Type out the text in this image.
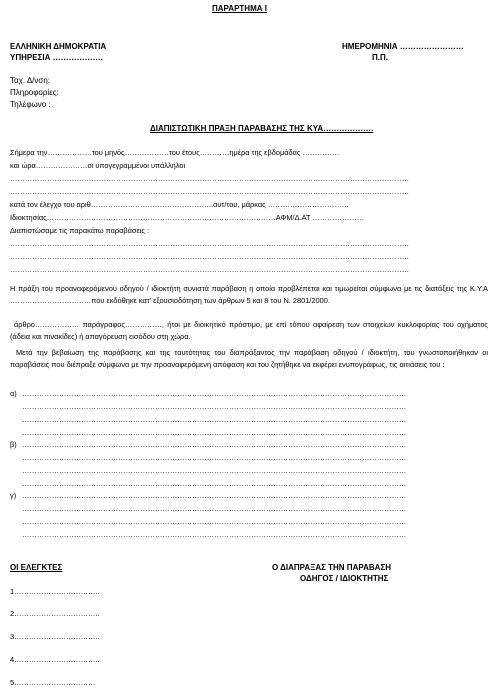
ΠΑΡΑΡΤΗΜΑ Ι
ΕΛΛΗΝΙΚΗ ΔΗΜΟΚΡΑΤΙΑ
ΥΠΗΡΕΣΙΑ ……………….
ΗΜΕΡΟΜΗΝΙΑ ……………………
Π.Π.
Ταχ. Δ/νση:
Πληροφορίες:
Τηλέφωνο :
ΔΙΑΠΙΣΤΩΤΙΚΗ ΠΡΑΞΗ ΠΑΡΑΒΑΣΗΣ ΤΗΣ ΚΥΑ……………….
Σήμερα την………………του μηνός………………του έτους…………ημέρα της εβδομάδας ……………
και ώρα…………………οι υπογεγραμμένοι υπάλληλοι
………………………………………………………………………………………………………………………………………………
………………………………………………………………………………………………………………………………………………
κατά τον έλεγχο του αριθ…………………………………………..αυτ/του, μάρκας ……………………………
Ιδιοκτησίας…………………………………………………………………………………ΑΦΜ/Δ.ΑΤ …………………
Διαπιστώσαμε τις παρακάτω παραβάσεις :
………………………………………………………………………………………………………………………………………………
………………………………………………………………………………………………………………………………………………
………………………………………………………………………………………………………………………………………………
Η πράξη του προαναφερόμενου οδηγού / ιδιοκτήτη συνιστά παράβαση η οποία προβλέπεται και τιμωρείται σύμφωνα με τις διατάξεις της Κ.Υ.Α ……………………………που εκδόθηκε κατ' εξουσιοδότηση των άρθρων 5 και 8 του Ν. 2801/2000.
άρθρο……………… παράγραφος……………, ήτοι με διοικητικό πρόστιμο, με επί τόπου αφαίρεση των στοιχείων κυκλοφορίας του οχήματος (άδεια και πινακίδες) ή απαγόρευση εισόδου στη χώρα.
Μετά την βεβαίωση της παράβασης και της ταυτότητας του διαπράξαντος την παράβαση οδηγού / ιδιοκτήτη, του γνωστοποιήθηκαν οι παραβάσεις που διέπραξε σύμφωνα με την προαναφερόμενη απόφαση και του ζητήθηκε να εκφέρει ενυπογράφως, τις αιτιάσεις του :
α) …………………………………………………………………………………………………………………………………………
…………………………………………………………………………………………………………………………………………
…………………………………………………………………………………………………………………………………………
…………………………………………………………………………………………………………………………………………
β) …………………………………………………………………………………………………………………………………………
…………………………………………………………………………………………………………………………………………
…………………………………………………………………………………………………………………………………………
…………………………………………………………………………………………………………………………………………
γ) …………………………………………………………………………………………………………………………………………
…………………………………………………………………………………………………………………………………………
…………………………………………………………………………………………………………………………………………
…………………………………………………………………………………………………………………………………………
ΟΙ ΕΛΕΓΚΤΕΣ	Ο ΔΙΑΠΡΑΞΑΣ ΤΗΝ ΠΑΡΑΒΑΣΗ
ΟΔΗΓΟΣ / ΙΔΙΟΚΤΗΤΗΣ
1……………………………..
2……………………………..
3……………………………..
4……………………………..
5……………………………
